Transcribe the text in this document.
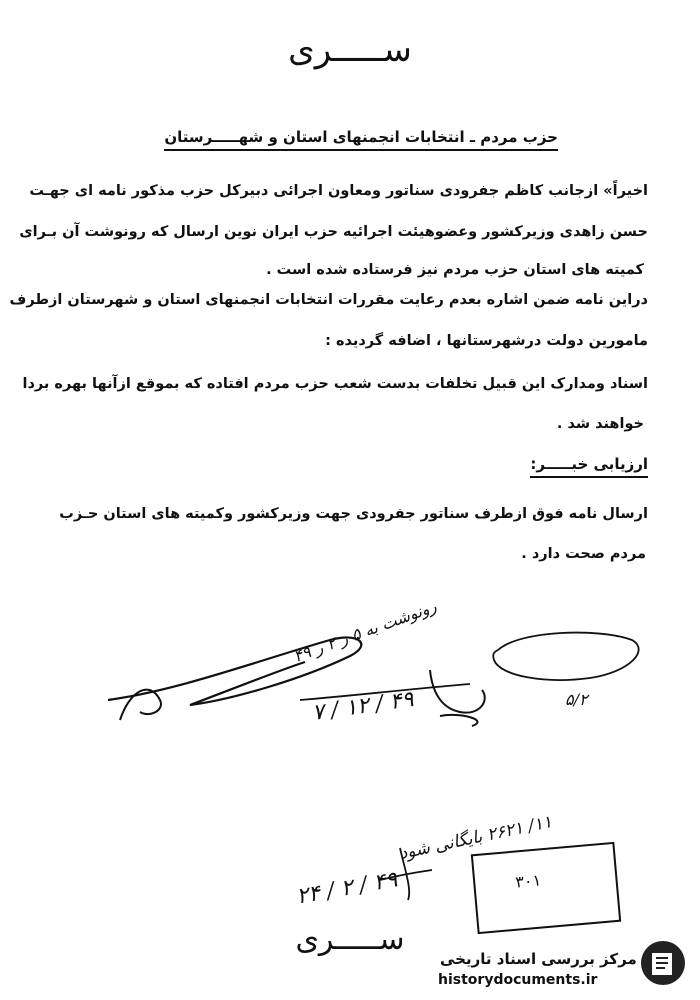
ســـــری
حزب مردم ـ انتخابات انجمنهای استان و شهـــــرستان
اخیراً» ازجانب کاظم جفرودی سناتور ومعاون اجرائی دبیرکل حزب مذکور نامه ای جهـت
حسن زاهدی وزیرکشور وعضوهیئت اجرائیه حزب ایران نوین ارسال که رونوشت آن بـرای
کمیته های استان حزب مردم نیز فرستاده شده است .
دراین نامه ضمن اشاره بعدم رعایت مقررات انتخابات انجمنهای استان و شهرستان ازطرف
مامورین دولت درشهرستانها ، اضافه گردیده :
اسناد ومدارک این قبیل تخلفات بدست شعب حزب مردم افتاده که بموقع ازآنها بهره بردا
خواهند شد .
ارزیابی خبـــــر:
ارسال نامه فوق ازطرف سناتور جفرودی جهت وزیرکشور وکمیته های استان حـزب
مردم صحت دارد .
رونوشت به ۵ ر ۲ ر ۴۹
۷ / ۱۲ / ۴۹	۵/۲
۱۱/ ۲۶۲۱ بایگانی شود
۲۴ / ۲ / ۴۹	۳۰۱
ســـــری
مرکز بررسی اسناد تاریخی
historydocuments.ir
